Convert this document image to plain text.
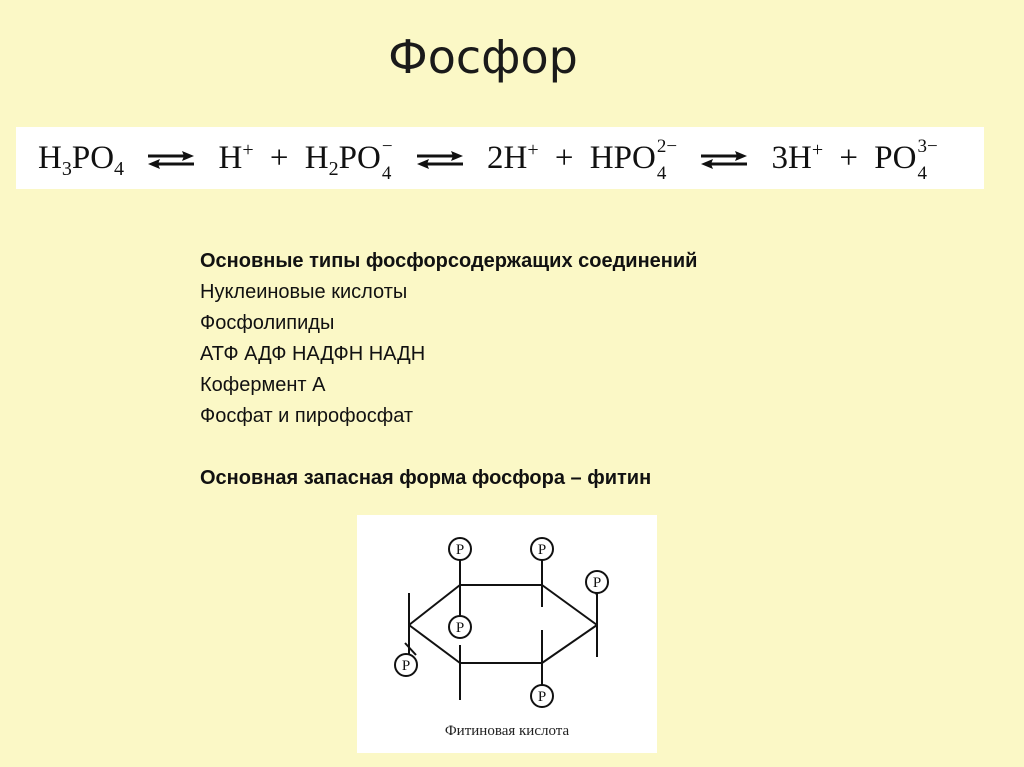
Фосфор
$H_3PO_4$ ⇌ $H^+ + H_2PO$ −
4 ⇌ 2H+ + HPO 2−
4 ⇌ 3H+ + PO 3−
4
Основные типы фосфорсодержащих соединений
Нуклеиновые кислоты
Фосфолипиды
АТФ АДФ НАДФН НАДН
Кофермент А
Фосфат и пирофосфат
Основная запасная форма фосфора – фитин
P	P
P
P
P
P
Фитиновая кислота
